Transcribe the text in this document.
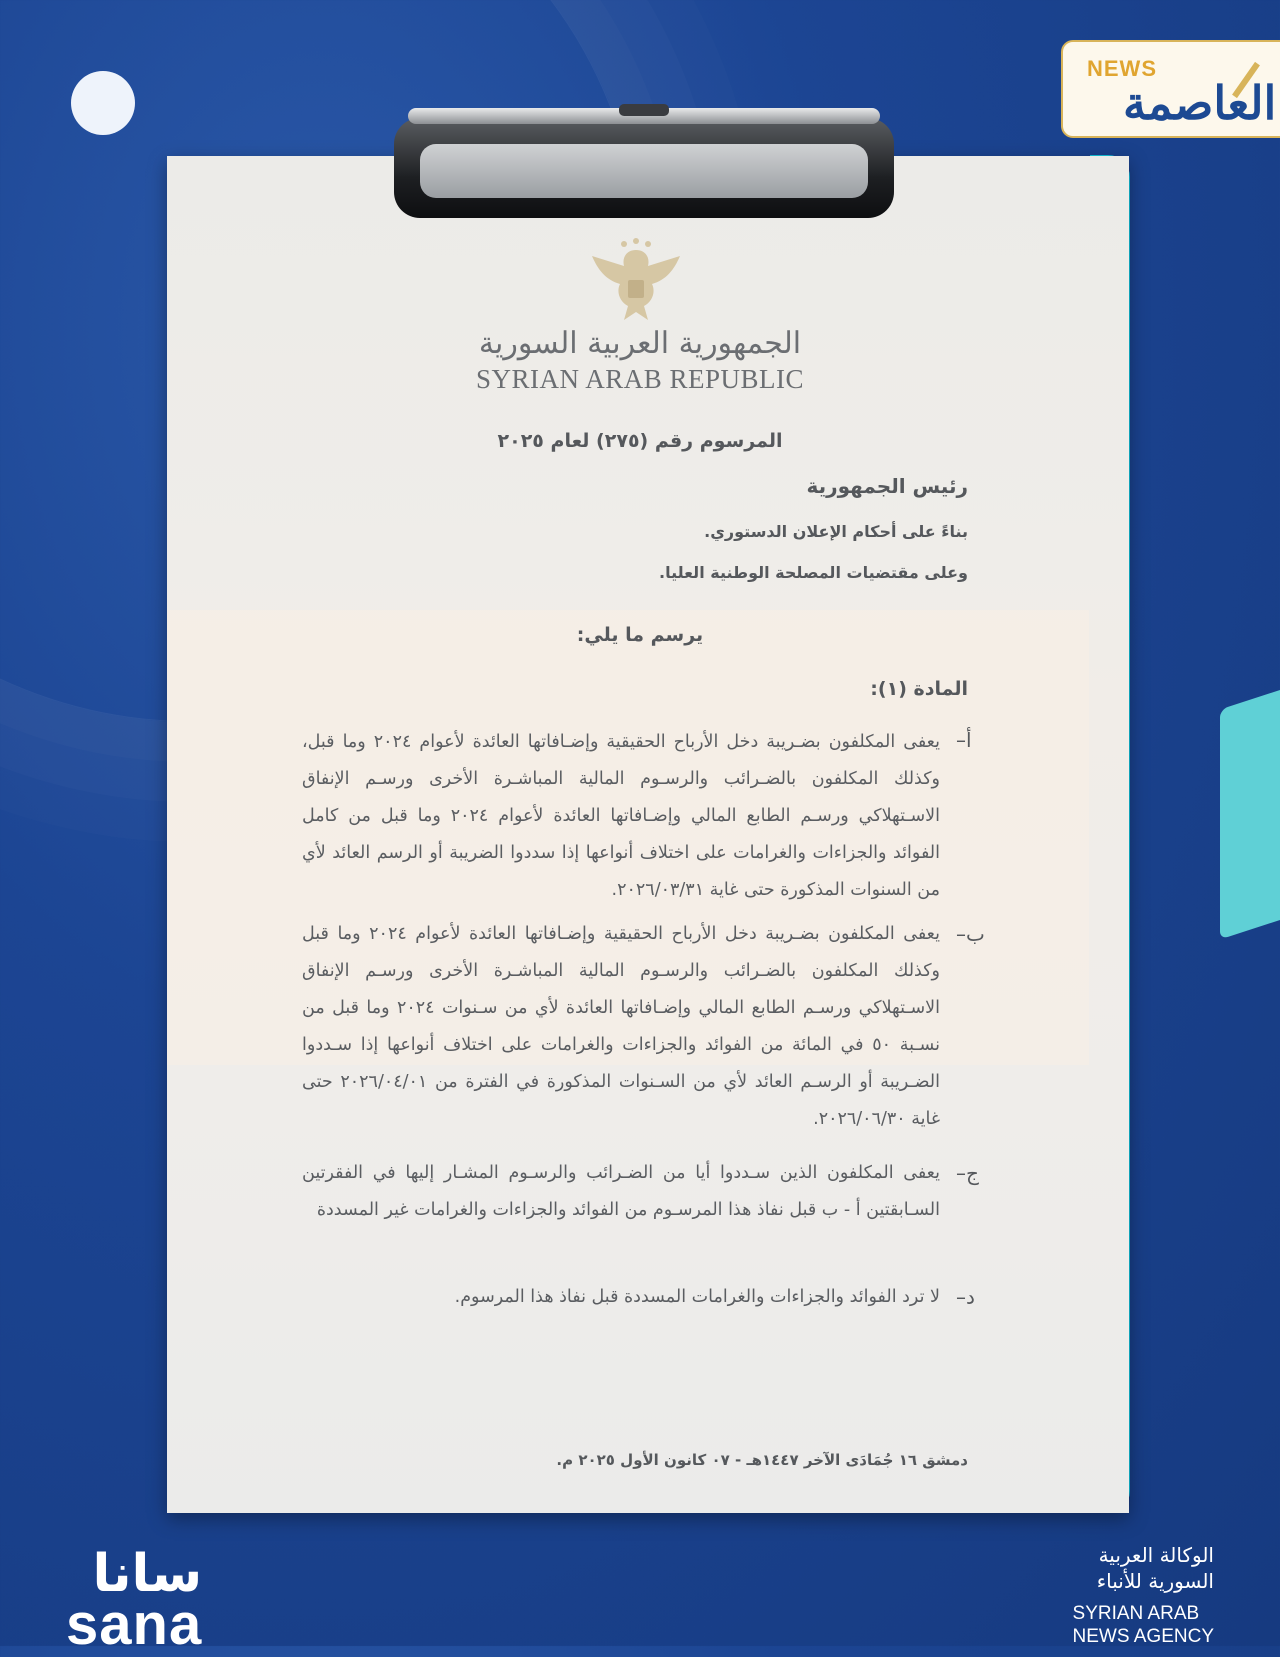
NEWS
العاصمة
الجمهورية العربية السورية
SYRIAN ARAB REPUBLIC
المرسوم رقم (٢٧٥) لعام ٢٠٢٥
رئيس الجمهورية
بناءً على أحكام الإعلان الدستوري.
وعلى مقتضيات المصلحة الوطنية العليا.
يرسم ما يلي:
المادة (١):
أ–
يعفى المكلفون بضـريبة دخل الأرباح الحقيقية وإضـافاتها العائدة لأعوام ٢٠٢٤ وما قبل، وكذلك المكلفون بالضـرائب والرسـوم المالية المباشـرة الأخرى ورسـم الإنفاق الاسـتهلاكي ورسـم الطابع المالي وإضـافاتها العائدة لأعوام ٢٠٢٤ وما قبل من كامل الفوائد والجزاءات والغرامات على اختلاف أنواعها إذا سددوا الضريبة أو الرسم العائد لأي من السنوات المذكورة حتى غاية ٢٠٢٦/٠٣/٣١.
ب–
يعفى المكلفون بضـريبة دخل الأرباح الحقيقية وإضـافاتها العائدة لأعوام ٢٠٢٤ وما قبل وكذلك المكلفون بالضـرائب والرسـوم المالية المباشـرة الأخرى ورسـم الإنفاق الاسـتهلاكي ورسـم الطابع المالي وإضـافاتها العائدة لأي من سـنوات ٢٠٢٤ وما قبل من نسـبة ٥٠ في المائة من الفوائد والجزاءات والغرامات على اختلاف أنواعها إذا سـددوا الضـريبة أو الرسـم العائد لأي من السـنوات المذكورة في الفترة من ٢٠٢٦/٠٤/٠١ حتى غاية ٢٠٢٦/٠٦/٣٠.
ج–
يعفى المكلفون الذين سـددوا أيا من الضـرائب والرسـوم المشـار إليها في الفقرتين السـابقتين أ - ب قبل نفاذ هذا المرسـوم من الفوائد والجزاءات والغرامات غير المسددة
د–
لا ترد الفوائد والجزاءات والغرامات المسددة قبل نفاذ هذا المرسوم.
دمشق ١٦ جُمَادَى الآخر ١٤٤٧هـ - ٠٧ كانون الأول ٢٠٢٥ م.
سانا
sana
الوكالة العربية
السورية للأنباء
SYRIAN ARAB
NEWS AGENCY
